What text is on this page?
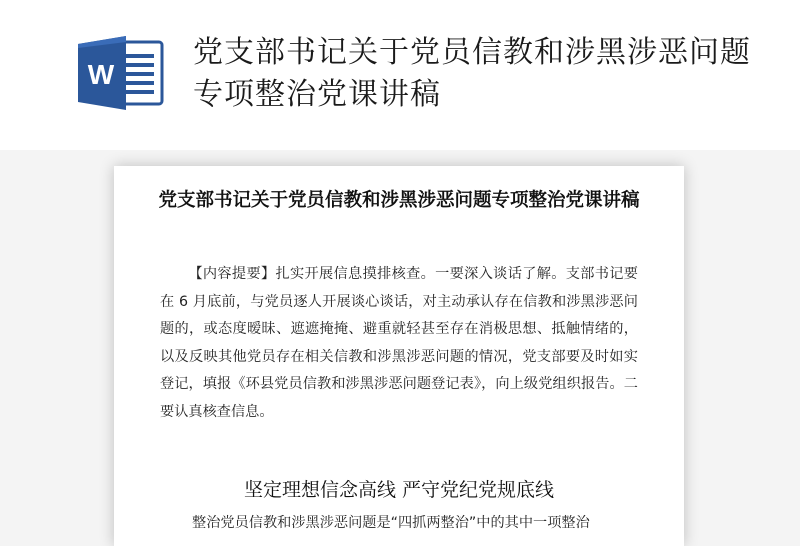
W
党支部书记关于党员信教和涉黑涉恶问题专项整治党课讲稿
党支部书记关于党员信教和涉黑涉恶问题专项整治党课讲稿
【内容提要】扎实开展信息摸排核查。一要深入谈话了解。支部书记要在 6 月底前，与党员逐人开展谈心谈话，对主动承认存在信教和涉黑涉恶问题的，或态度暧昧、遮遮掩掩、避重就轻甚至存在消极思想、抵触情绪的，以及反映其他党员存在相关信教和涉黑涉恶问题的情况，党支部要及时如实登记，填报《环县党员信教和涉黑涉恶问题登记表》，向上级党组织报告。二要认真核查信息。
坚定理想信念高线 严守党纪党规底线
整治党员信教和涉黑涉恶问题是“四抓两整治”中的其中一项整治
